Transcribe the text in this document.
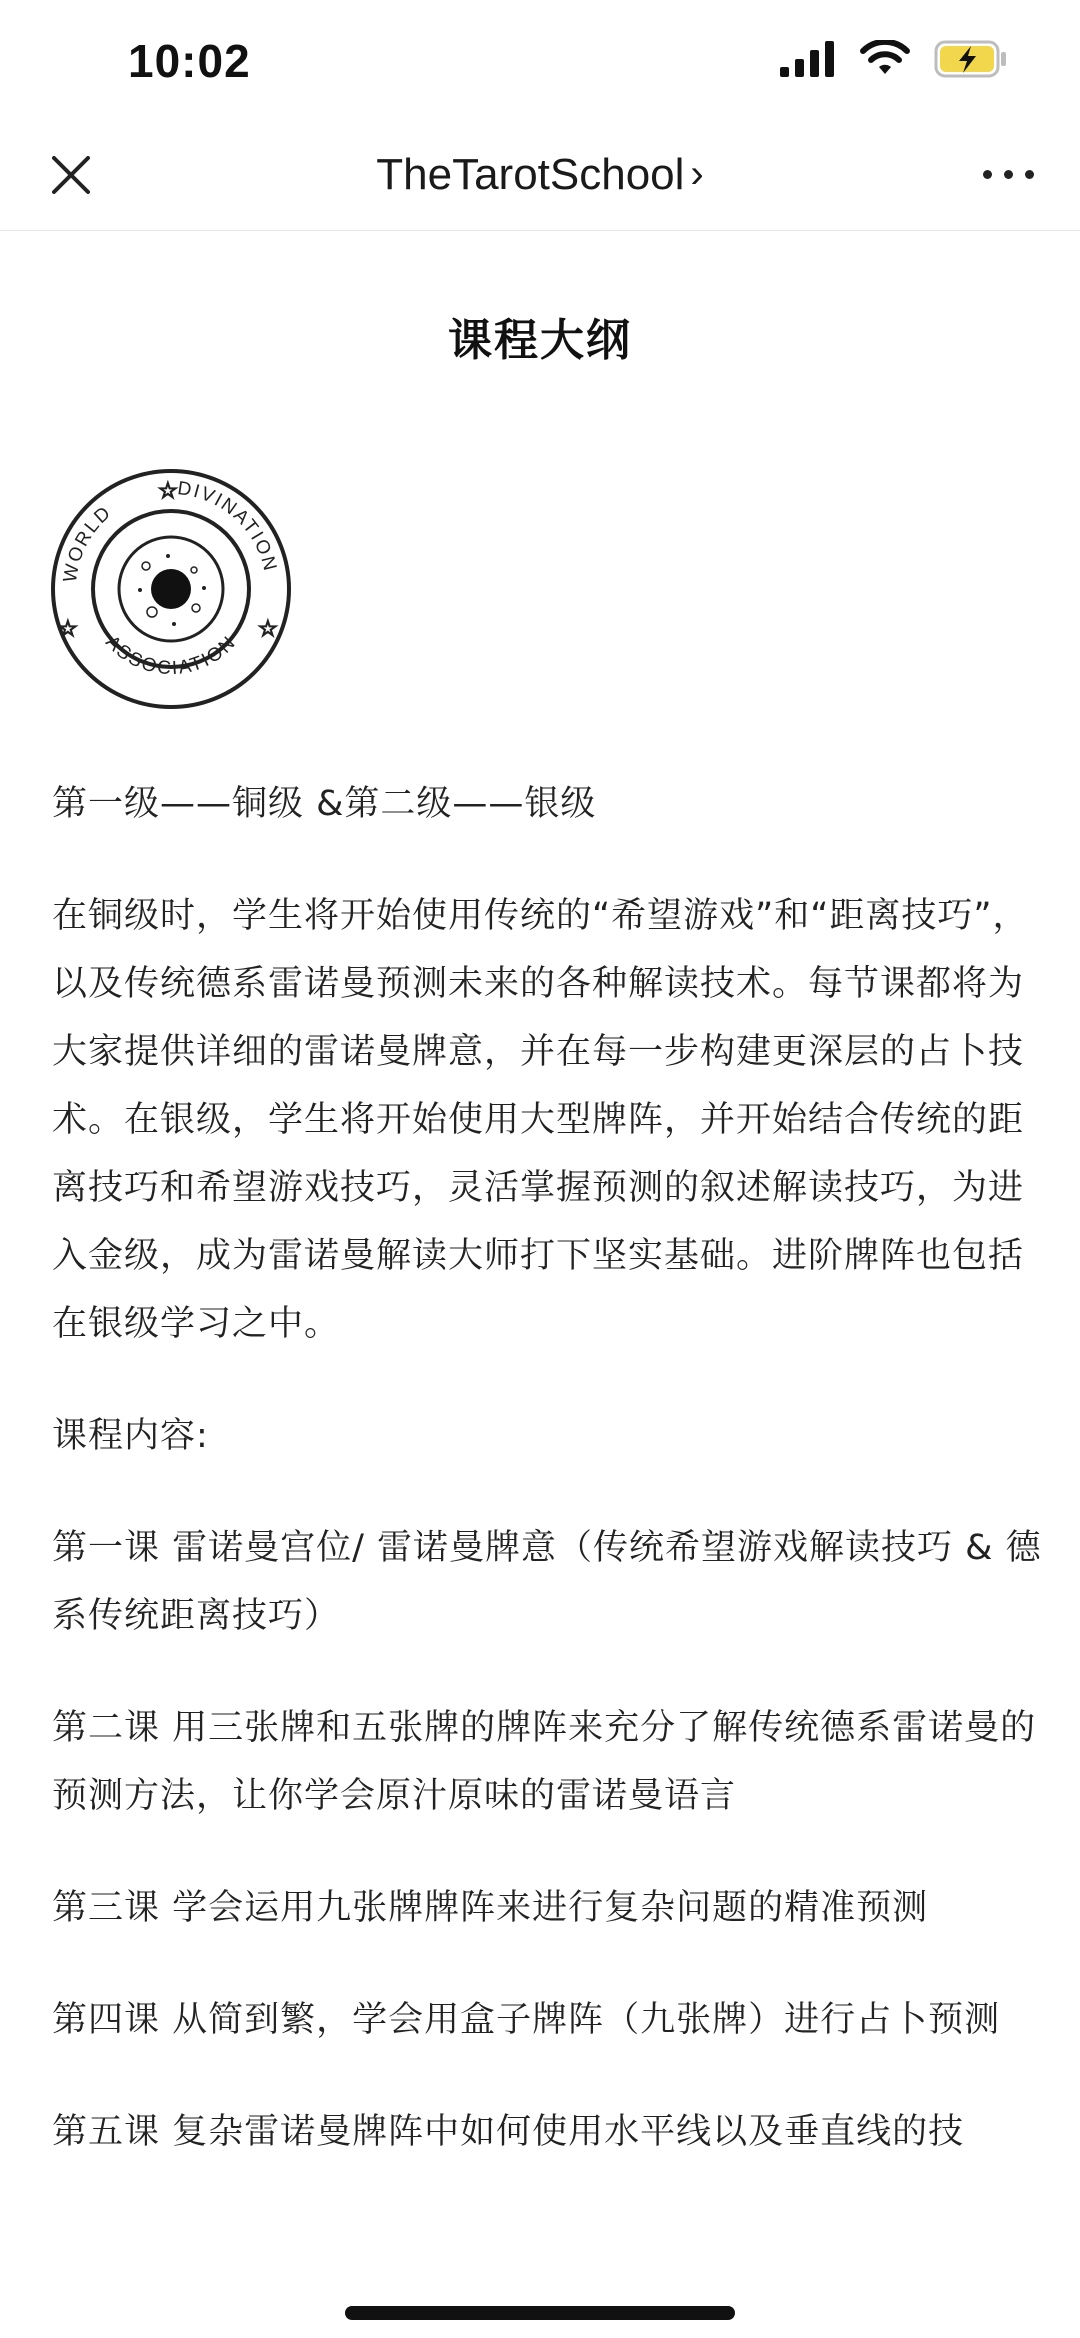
10:02
TheTarotSchool ›
课程大纲
☆
☆	☆
WORLD
DIVINATION
ASSOCIATION

第一级——铜级 &第二级——银级

在铜级时，学生将开始使用传统的“希望游戏”和“距离技巧”，以及传统德系雷诺曼预测未来的各种解读技术。每节课都将为大家提供详细的雷诺曼牌意，并在每一步构建更深层的占卜技术。在银级，学生将开始使用大型牌阵，并开始结合传统的距离技巧和希望游戏技巧，灵活掌握预测的叙述解读技巧，为进入金级，成为雷诺曼解读大师打下坚实基础。进阶牌阵也包括在银级学习之中。

课程内容:

第一课 雷诺曼宫位/ 雷诺曼牌意（传统希望游戏解读技巧 & 德系传统距离技巧）

第二课 用三张牌和五张牌的牌阵来充分了解传统德系雷诺曼的预测方法，让你学会原汁原味的雷诺曼语言

第三课 学会运用九张牌牌阵来进行复杂问题的精准预测

第四课 从简到繁，学会用盒子牌阵（九张牌）进行占卜预测

第五课 复杂雷诺曼牌阵中如何使用水平线以及垂直线的技
